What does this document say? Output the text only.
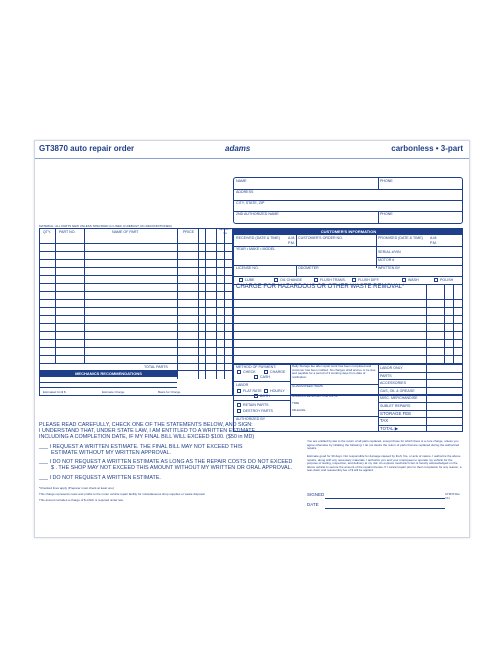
GT3870 auto repair order	adams	carbonless • 3-part
NAME	PHONE
ADDRESS
CITY, STATE, ZIP
2ND AUTHORIZED NAME	PHONE
MATERIAL: ALL PARTS NEW UNLESS SPECIFIED (U-USED, R-REBUILT, RC-RECONDITIONED)
QTY. PART NO.	NAME OF PART	PRICE	WARRANTY T/M
TOTAL PARTS
MECHANICS RECOMMENDATIONS
Estimated Until $	Estimate Charge	Basis for Charge
CUSTOMER'S INFORMATION
RECEIVED (DATE & TIME) A.M.
P.M.
CUSTOMER'S ORDER NO.	PROMISED (DATE & TIME) A.M.
P.M.
YEAR • MAKE • MODEL
SERIAL #/VIN
MOTOR #
LICENSE NO.	ODOMETER	WRITTEN BY
LUBE	OIL CHANGE	FLUSH TRANS.	FLUSH DIFF.	WASH	POLISH
CHARGE FOR HAZARDOUS OR OTHER WASTE REMOVAL*
METHOD OF PAYMENT:
CHECK	CHARGE
CASH
LABOR
FLAT RATE HOURLY
BOTH
RETAIN PARTS
DESTROY PARTS
AUTHORIZED BY
Daily Storage fee after repair work has been completed and customer has been notified. No charges shall accrue or be due and payable for a period of 3 working days from date of notification.
GUARANTEED ITEMS
GUARANTEE EFFECTIVE UNTIL:
TIME
MILEAGE
LABOR ONLY
PARTS
ACCESSORIES
GAS, OIL & GREASE
MISC. MERCHANDISE
SUBLET REPAIRS
STORAGE FEE
TAX
TOTAL ▶
PLEASE READ CAREFULLY, CHECK ONE OF THE STATEMENTS BELOW, AND SIGN:
I UNDERSTAND THAT, UNDER STATE LAW, I AM ENTITLED TO A WRITTEN ESTIMATE
INCLUDING A COMPLETION DATE, IF MY FINAL BILL WILL EXCEED $100. ($50 in MD)
___ I REQUEST A WRITTEN ESTIMATE. THE FINAL BILL MAY NOT EXCEED THIS
ESTIMATE WITHOUT MY WRITTEN APPROVAL.
___ I DO NOT REQUEST A WRITTEN ESTIMATE AS LONG AS THE REPAIR COSTS DO NOT EXCEED
$ . THE SHOP MAY NOT EXCEED THIS AMOUNT WITHOUT MY WRITTEN OR ORAL APPROVAL.
___ I DO NOT REQUEST A WRITTEN ESTIMATE.
*Checked lines apply (Preparer must check at least one)
This charge represents costs and profits to the motor vehicle repair facility for miscellaneous shop supplies or waste disposal.
This amount includes a charge of $ which is required under law.
You are entitled by law to the return of all parts replaced, except those for which there is a core charge, unless you agree otherwise by initialing the following: I do not desire the return of parts that are replaced during the authorized repairs.
Estimate good for 30 days. Not responsible for damage caused by theft, fire, or acts of nature. I authorize the above repairs, along with any necessary materials. I authorize you and your employees to operate my vehicle for the purpose of testing, inspection, and delivery at my risk. An express mechanic's lien is hereby acknowledged on the above vehicle to secure the amount of the repairs thereto. If I cancel repair prior to their completion for any reason, a tear-down and reassembly fee of $ will be applied.
SIGNED
DATE
GT3870 Rev. 7/11
